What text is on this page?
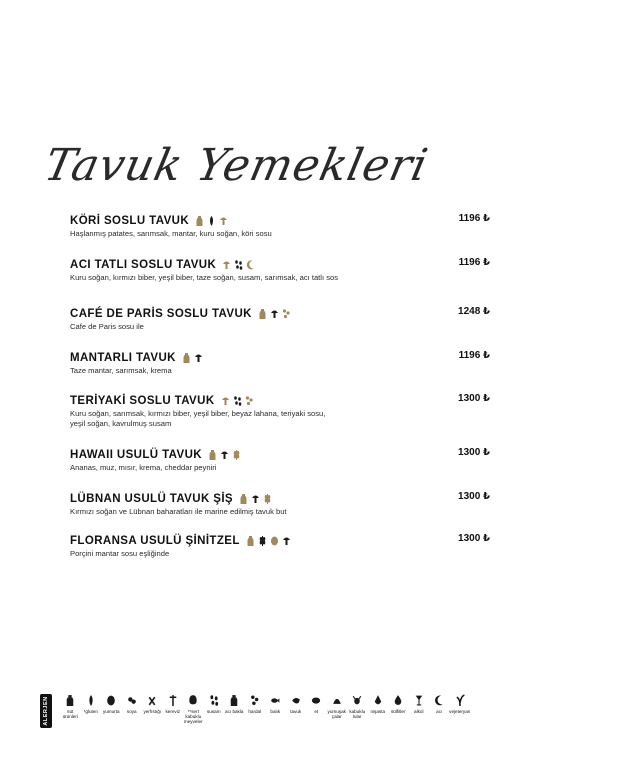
Tavuk Yemekleri
KÖRİ SOSLU TAVUK	1196 ₺
Haşlanmış patates, sarımsak, mantar, kuru soğan, köri sosu
ACI TATLI SOSLU TAVUK	1196 ₺
Kuru soğan, kırmızı biber, yeşil biber, taze soğan, susam, sarımsak, acı tatlı sos
CAFÉ DE PARİS SOSLU TAVUK	1248 ₺
Cafe de Paris sosu ile
MANTARLI TAVUK	1196 ₺
Taze mantar, sarımsak, krema
TERİYAKİ SOSLU TAVUK	1300 ₺
Kuru soğan, sarımsak, kırmızı biber, yeşil biber, beyaz lahana, teriyaki sosu, yeşil soğan, kavrulmuş susam
HAWAII USULÜ TAVUK	1300 ₺
Ananas, muz, mısır, krema, cheddar peyniri
LÜBNAN USULÜ TAVUK ŞİŞ	1300 ₺
Kırmızı soğan ve Lübnan baharatları ile marine edilmiş tavuk but
FLORANSA USULÜ ŞİNİTZEL	1300 ₺
Porçini mantar sosu eşliğinde
ALERJEN	süt ürünleri
*gluten	yumurta	soya	yerfıstığı kereviz	**sert kabuklu meyveler
susam acı bakla	hardal	balık	tavuk	et	yumuşak çalar
kabuklu lular
nişasta	sülfitler	alkol	acı	vejeteryan
